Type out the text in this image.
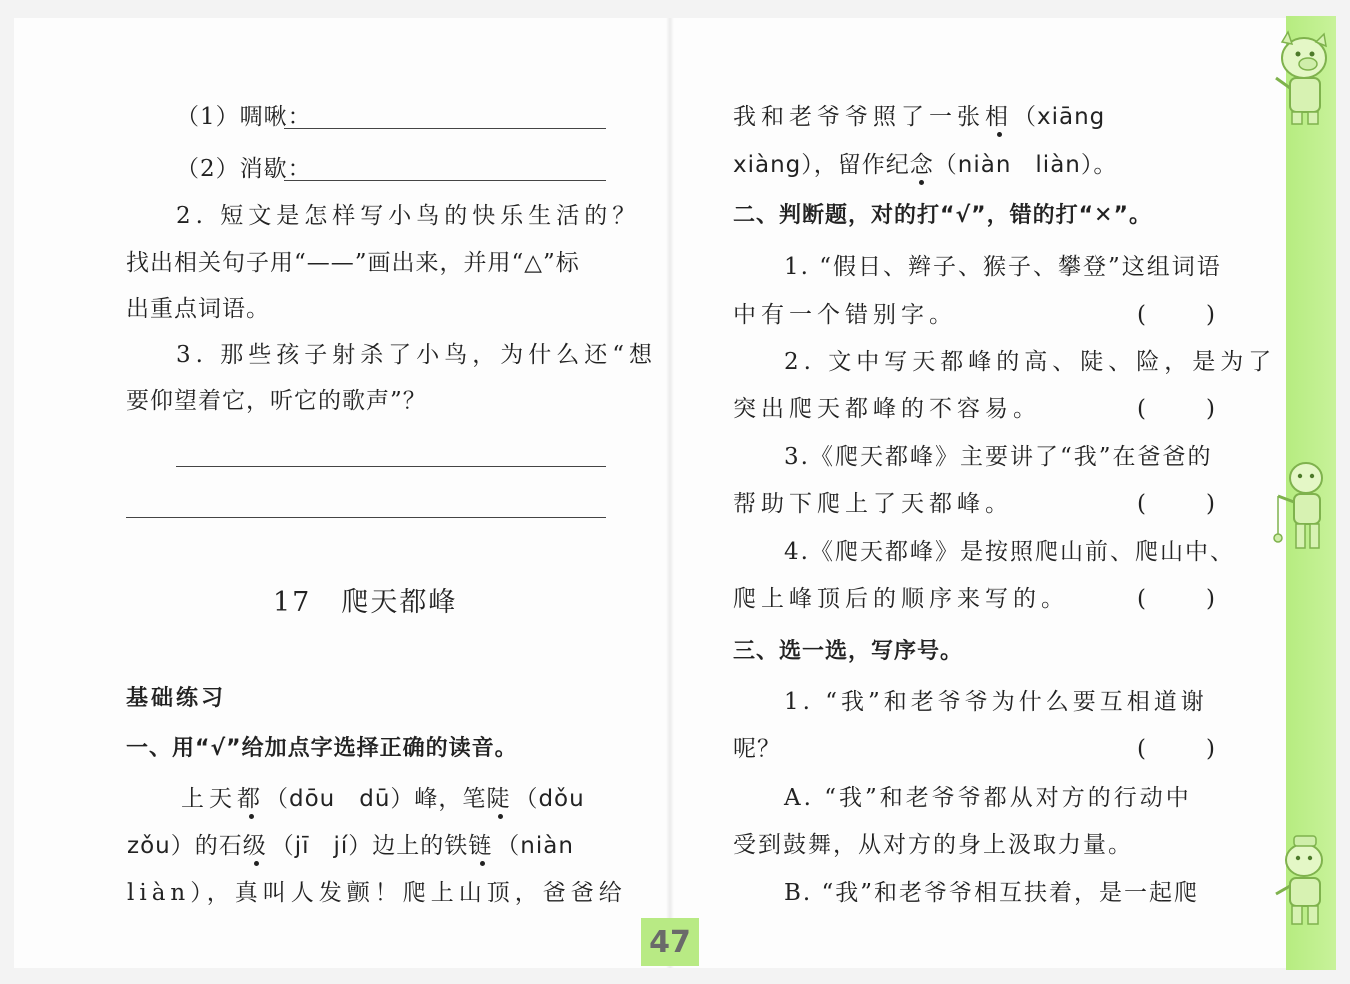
（1）啁啾：
（2）消歇：
2. 短文是怎样写小鸟的快乐生活的？
找出相关句子用“——”画出来，并用“△”标
出重点词语。
3. 那些孩子射杀了小鸟，为什么还“想
要仰望着它，听它的歌声”？
17 爬天都峰
基础练习
一、用“√”给加点字选择正确的读音。
上天都（dōu　dū）峰，笔陡（dǒu
zǒu）的石级（jī　jí）边上的铁链（niàn
liàn），真叫人发颤！爬上山顶，爸爸给
我和老爷爷照了一张相（xiāng
xiàng），留作纪念（niàn　liàn）。
二、判断题，对的打“√”，错的打“✕”。
1. “假日、辫子、猴子、攀登”这组词语
中有一个错别字。	(	)
2. 文中写天都峰的高、陡、险，是为了
突出爬天都峰的不容易。	(	)
3.《爬天都峰》主要讲了“我”在爸爸的
帮助下爬上了天都峰。	(	)
4.《爬天都峰》是按照爬山前、爬山中、
爬上峰顶后的顺序来写的。	(	)
三、选一选，写序号。
1. “我”和老爷爷为什么要互相道谢
呢？	(	)
A. “我”和老爷爷都从对方的行动中
受到鼓舞，从对方的身上汲取力量。
B. “我”和老爷爷相互扶着，是一起爬
47
